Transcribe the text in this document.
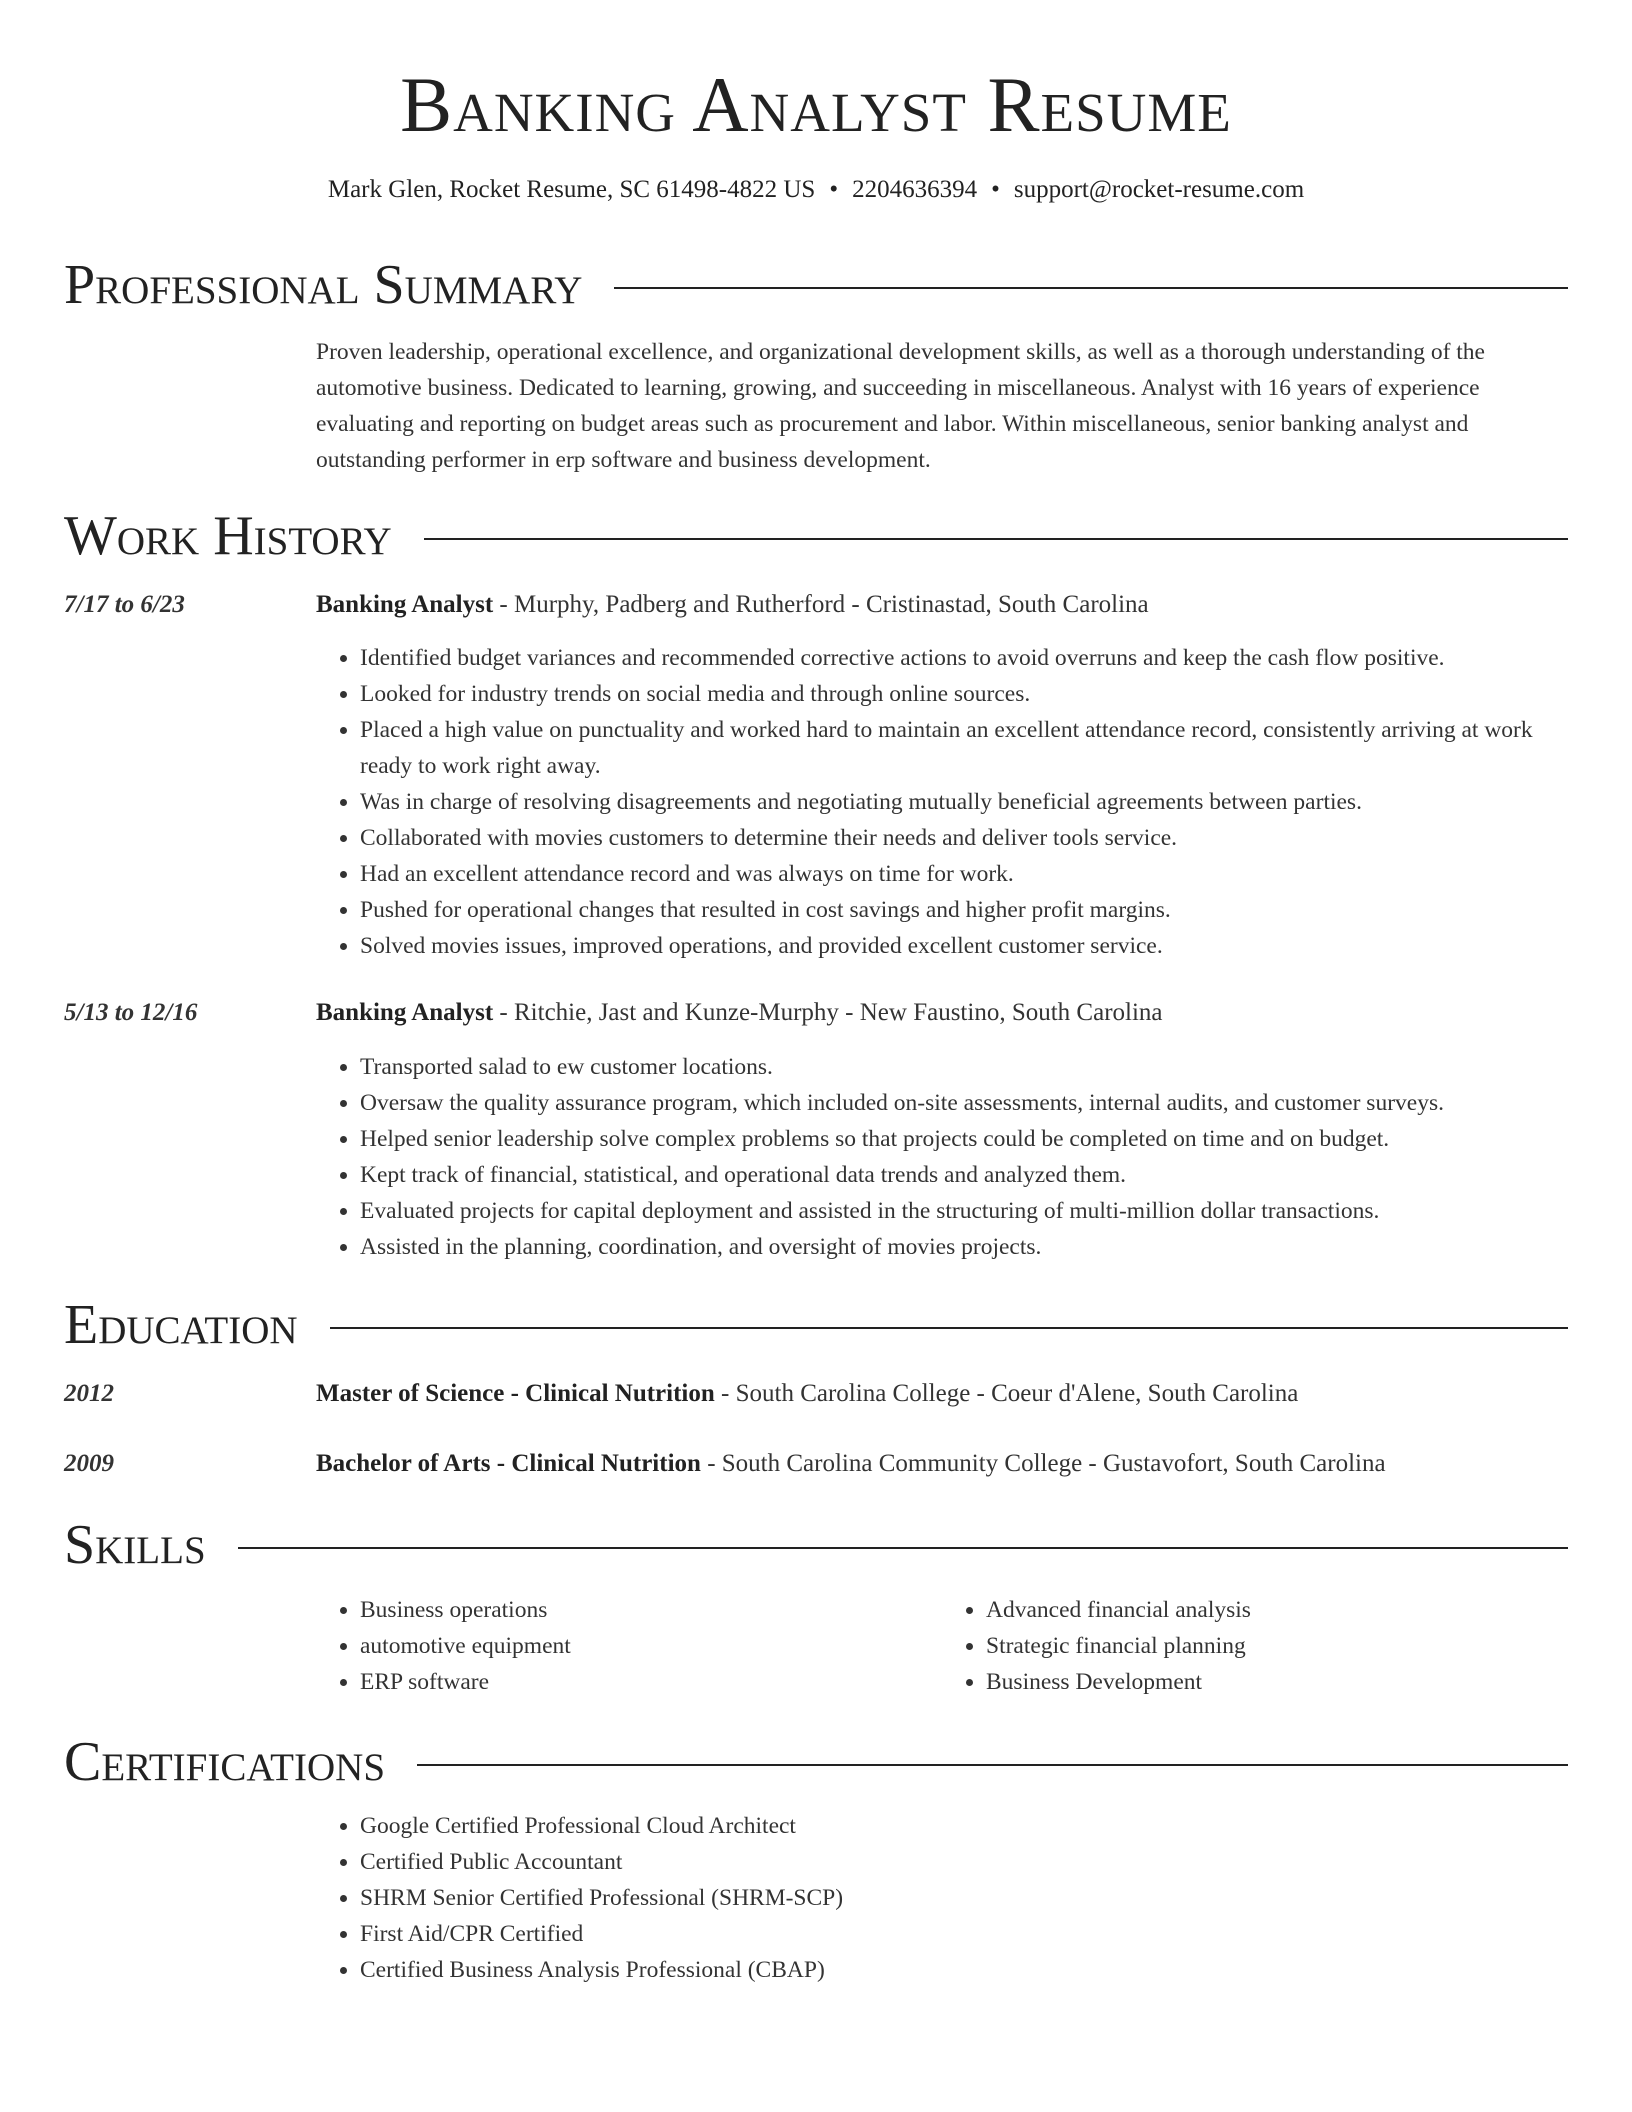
Banking Analyst Resume
Mark Glen, Rocket Resume, SC 61498-4822 US • 2204636394 • support@rocket-resume.com
Professional Summary
Proven leadership, operational excellence, and organizational development skills, as well as a thorough understanding of the automotive business. Dedicated to learning, growing, and succeeding in miscellaneous. Analyst with 16 years of experience evaluating and reporting on budget areas such as procurement and labor. Within miscellaneous, senior banking analyst and outstanding performer in erp software and business development.
Work History
7/17 to 6/23	Banking Analyst - Murphy, Padberg and Rutherford - Cristinastad, South Carolina
• Identified budget variances and recommended corrective actions to avoid overruns and keep the cash flow positive.
• Looked for industry trends on social media and through online sources.
• Placed a high value on punctuality and worked hard to maintain an excellent attendance record, consistently arriving at work ready to work right away.
• Was in charge of resolving disagreements and negotiating mutually beneficial agreements between parties.
• Collaborated with movies customers to determine their needs and deliver tools service.
• Had an excellent attendance record and was always on time for work.
• Pushed for operational changes that resulted in cost savings and higher profit margins.
• Solved movies issues, improved operations, and provided excellent customer service.
5/13 to 12/16	Banking Analyst - Ritchie, Jast and Kunze-Murphy - New Faustino, South Carolina
• Transported salad to ew customer locations.
• Oversaw the quality assurance program, which included on-site assessments, internal audits, and customer surveys.
• Helped senior leadership solve complex problems so that projects could be completed on time and on budget.
• Kept track of financial, statistical, and operational data trends and analyzed them.
• Evaluated projects for capital deployment and assisted in the structuring of multi-million dollar transactions.
• Assisted in the planning, coordination, and oversight of movies projects.
Education
2012	Master of Science - Clinical Nutrition - South Carolina College - Coeur d'Alene, South Carolina
2009	Bachelor of Arts - Clinical Nutrition - South Carolina Community College - Gustavofort, South Carolina
Skills
• Business operations
• automotive equipment
• ERP software
• Advanced financial analysis
• Strategic financial planning
• Business Development
Certifications
• Google Certified Professional Cloud Architect
• Certified Public Accountant
• SHRM Senior Certified Professional (SHRM-SCP)
• First Aid/CPR Certified
• Certified Business Analysis Professional (CBAP)
